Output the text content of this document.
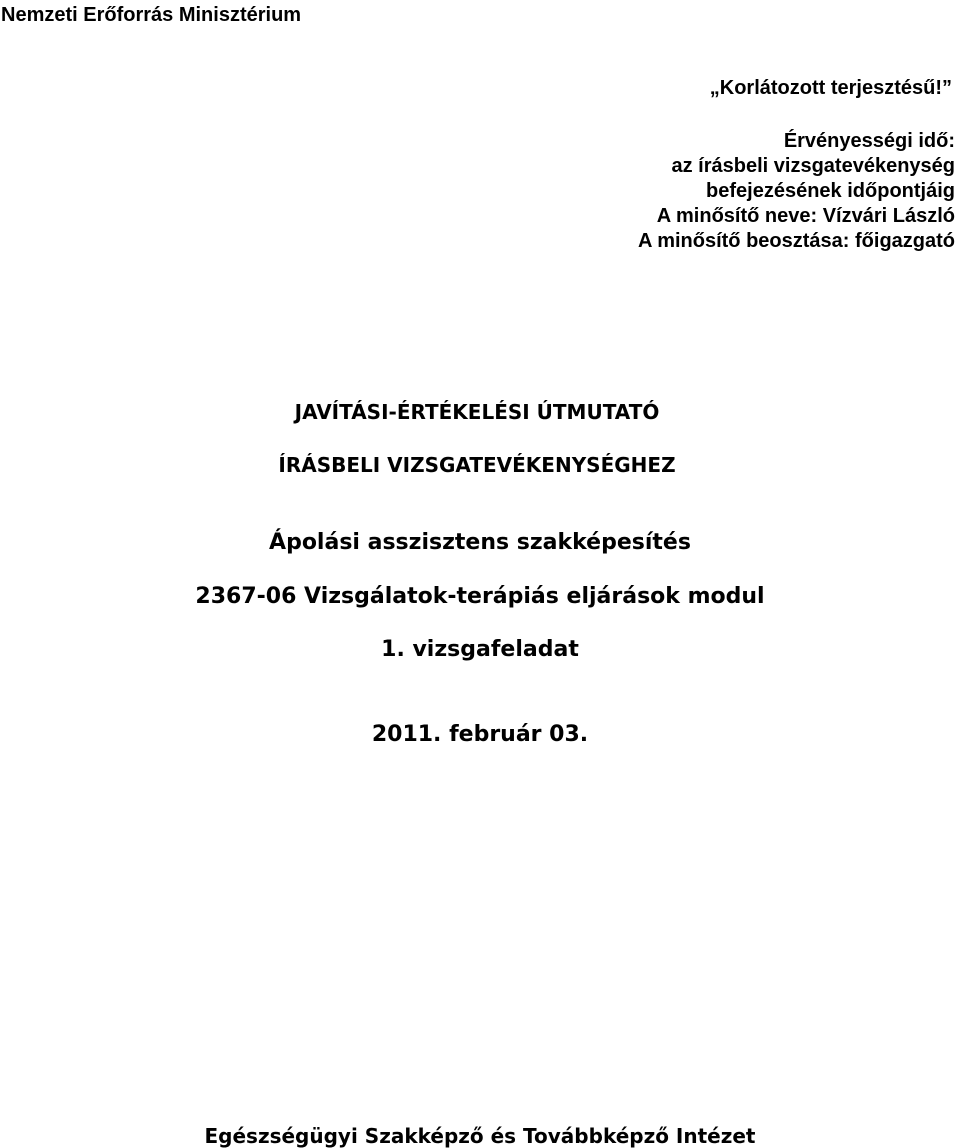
Nemzeti Erőforrás Minisztérium
„Korlátozott terjesztésű!”
Érvényességi idő:
az írásbeli vizsgatevékenység
befejezésének időpontjáig
A minősítő neve: Vízvári László
A minősítő beosztása: főigazgató
JAVÍTÁSI-ÉRTÉKELÉSI ÚTMUTATÓ
ÍRÁSBELI VIZSGATEVÉKENYSÉGHEZ
Ápolási asszisztens szakképesítés
2367-06 Vizsgálatok-terápiás eljárások modul
1. vizsgafeladat
2011. február 03.
Egészségügyi Szakképző és Továbbképző Intézet
